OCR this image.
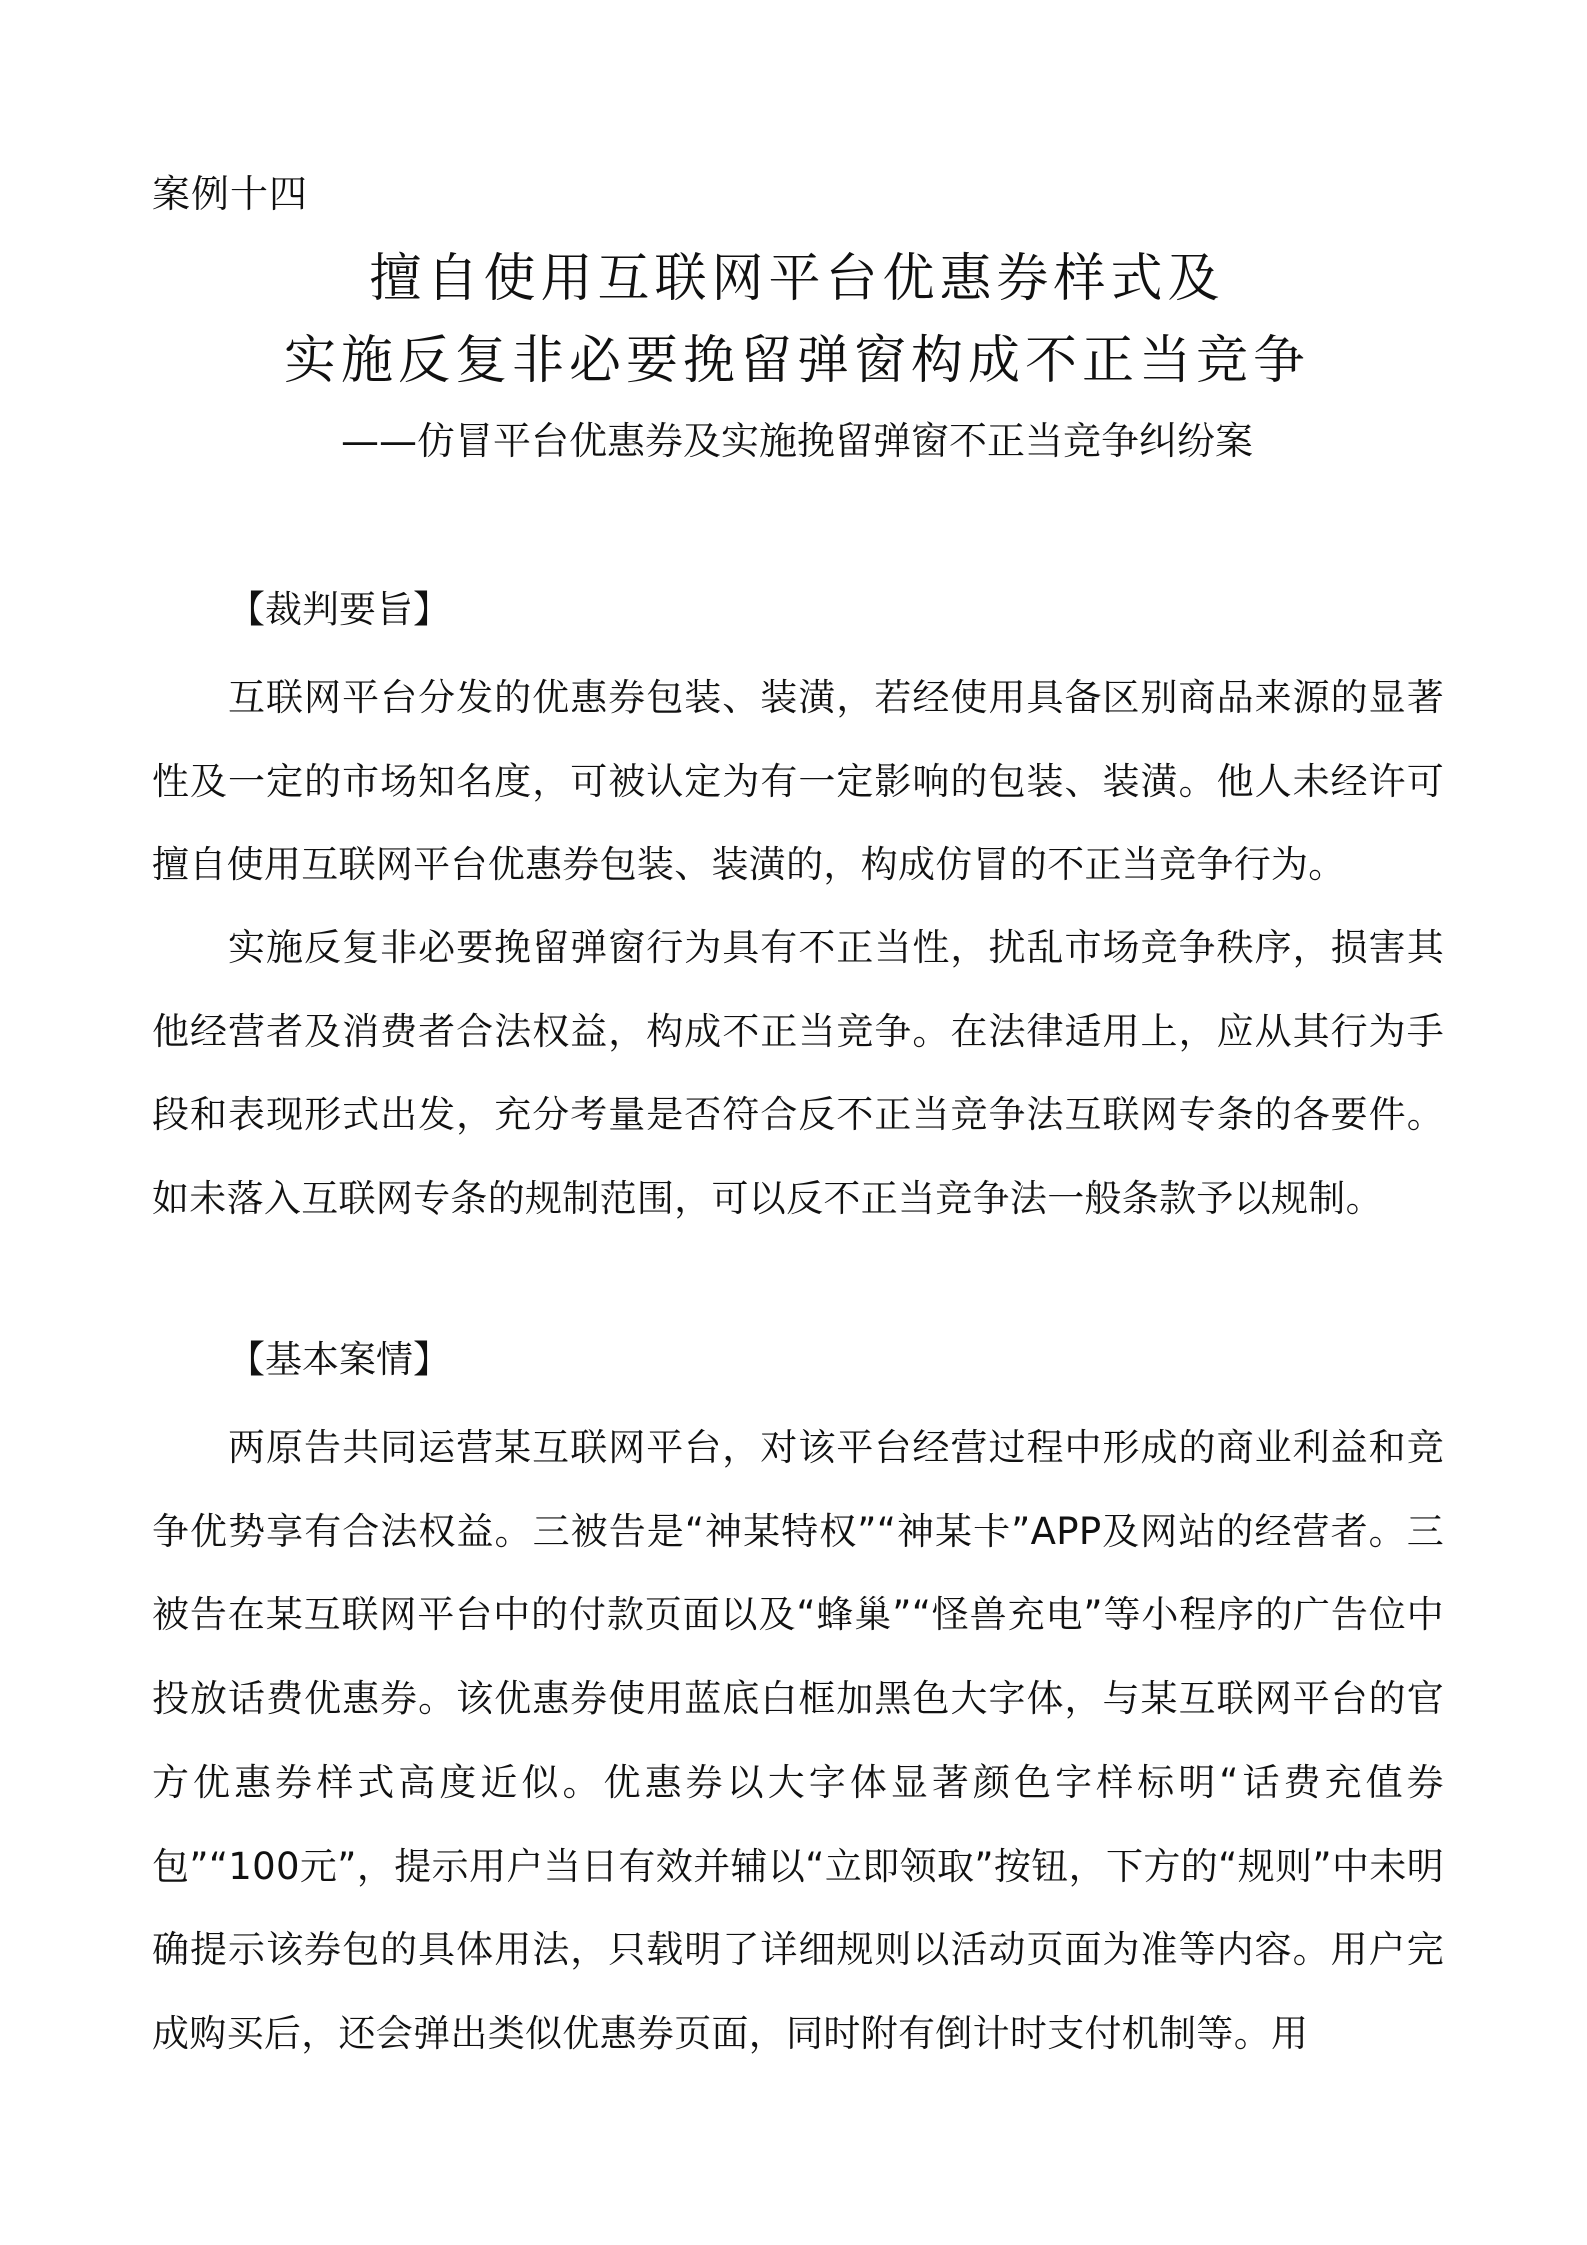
案例十四
擅自使用互联网平台优惠券样式及
实施反复非必要挽留弹窗构成不正当竞争
——仿冒平台优惠券及实施挽留弹窗不正当竞争纠纷案
【裁判要旨】
互联网平台分发的优惠券包装、装潢，若经使用具备区别商品来源的显著性及一定的市场知名度，可被认定为有一定影响的包装、装潢。他人未经许可擅自使用互联网平台优惠券包装、装潢的，构成仿冒的不正当竞争行为。
实施反复非必要挽留弹窗行为具有不正当性，扰乱市场竞争秩序，损害其他经营者及消费者合法权益，构成不正当竞争。在法律适用上，应从其行为手段和表现形式出发，充分考量是否符合反不正当竞争法互联网专条的各要件。如未落入互联网专条的规制范围，可以反不正当竞争法一般条款予以规制。
【基本案情】
两原告共同运营某互联网平台，对该平台经营过程中形成的商业利益和竞争优势享有合法权益。三被告是“神某特权”“神某卡”APP及网站的经营者。三被告在某互联网平台中的付款页面以及“蜂巢”“怪兽充电”等小程序的广告位中投放话费优惠券。该优惠券使用蓝底白框加黑色大字体，与某互联网平台的官方优惠券样式高度近似。优惠券以大字体显著颜色字样标明“话费充值券包”“100元”，提示用户当日有效并辅以“立即领取”按钮，下方的“规则”中未明确提示该券包的具体用法，只载明了详细规则以活动页面为准等内容。用户完成购买后，还会弹出类似优惠券页面，同时附有倒计时支付机制等。用
